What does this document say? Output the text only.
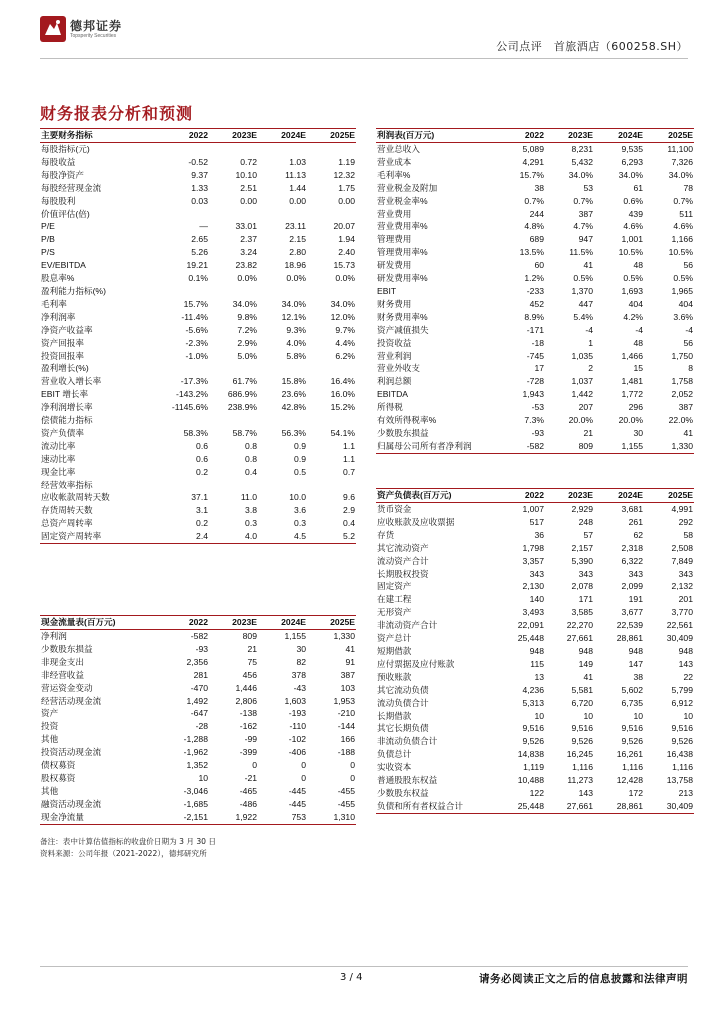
德邦证券
Topsperity Securities
公司点评　首旅酒店（600258.SH）
财务报表分析和预测
主要财务指标	2022	2023E	2024E	2025E
每股指标(元)				
每股收益	-0.52	0.72	1.03	1.19
每股净资产	9.37	10.10	11.13	12.32
每股经营现金流	1.33	2.51	1.44	1.75
每股股利	0.03	0.00	0.00	0.00
价值评估(倍)				
P/E	—	33.01	23.11	20.07
P/B	2.65	2.37	2.15	1.94
P/S	5.26	3.24	2.80	2.40
EV/EBITDA	19.21	23.82	18.96	15.73
股息率%	0.1%	0.0%	0.0%	0.0%
盈利能力指标(%)				
毛利率	15.7%	34.0%	34.0%	34.0%
净利润率	-11.4%	9.8%	12.1%	12.0%
净资产收益率	-5.6%	7.2%	9.3%	9.7%
资产回报率	-2.3%	2.9%	4.0%	4.4%
投资回报率	-1.0%	5.0%	5.8%	6.2%
盈利增长(%)				
营业收入增长率	-17.3%	61.7%	15.8%	16.4%
EBIT 增长率	-143.2%	686.9%	23.6%	16.0%
净利润增长率	-1145.6%	238.9%	42.8%	15.2%
偿债能力指标				
资产负债率	58.3%	58.7%	56.3%	54.1%
流动比率	0.6	0.8	0.9	1.1
速动比率	0.6	0.8	0.9	1.1
现金比率	0.2	0.4	0.5	0.7
经营效率指标				
应收帐款周转天数	37.1	11.0	10.0	9.6
存货周转天数	3.1	3.8	3.6	2.9
总资产周转率	0.2	0.3	0.3	0.4
固定资产周转率	2.4	4.0	4.5	5.2
利润表(百万元)	2022	2023E	2024E	2025E
营业总收入	5,089	8,231	9,535	11,100
营业成本	4,291	5,432	6,293	7,326
毛利率%	15.7%	34.0%	34.0%	34.0%
营业税金及附加	38	53	61	78
营业税金率%	0.7%	0.7%	0.6%	0.7%
营业费用	244	387	439	511
营业费用率%	4.8%	4.7%	4.6%	4.6%
管理费用	689	947	1,001	1,166
管理费用率%	13.5%	11.5%	10.5%	10.5%
研发费用	60	41	48	56
研发费用率%	1.2%	0.5%	0.5%	0.5%
EBIT	-233	1,370	1,693	1,965
财务费用	452	447	404	404
财务费用率%	8.9%	5.4%	4.2%	3.6%
资产减值损失	-171	-4	-4	-4
投资收益	-18	1	48	56
营业利润	-745	1,035	1,466	1,750
营业外收支	17	2	15	8
利润总额	-728	1,037	1,481	1,758
EBITDA	1,943	1,442	1,772	2,052
所得税	-53	207	296	387
有效所得税率%	7.3%	20.0%	20.0%	22.0%
少数股东损益	-93	21	30	41
归属母公司所有者净利润	-582	809	1,155	1,330
资产负债表(百万元)	2022	2023E	2024E	2025E
货币资金	1,007	2,929	3,681	4,991
应收账款及应收票据	517	248	261	292
存货	36	57	62	58
其它流动资产	1,798	2,157	2,318	2,508
流动资产合计	3,357	5,390	6,322	7,849
长期股权投资	343	343	343	343
固定资产	2,130	2,078	2,099	2,132
在建工程	140	171	191	201
无形资产	3,493	3,585	3,677	3,770
非流动资产合计	22,091	22,270	22,539	22,561
资产总计	25,448	27,661	28,861	30,409
短期借款	948	948	948	948
应付票据及应付账款	115	149	147	143
预收账款	13	41	38	22
其它流动负债	4,236	5,581	5,602	5,799
流动负债合计	5,313	6,720	6,735	6,912
长期借款	10	10	10	10
其它长期负债	9,516	9,516	9,516	9,516
非流动负债合计	9,526	9,526	9,526	9,526
负债总计	14,838	16,245	16,261	16,438
实收资本	1,119	1,116	1,116	1,116
普通股股东权益	10,488	11,273	12,428	13,758
少数股东权益	122	143	172	213
负债和所有者权益合计	25,448	27,661	28,861	30,409
现金流量表(百万元)	2022	2023E	2024E	2025E
净利润	-582	809	1,155	1,330
少数股东损益	-93	21	30	41
非现金支出	2,356	75	82	91
非经营收益	281	456	378	387
营运资金变动	-470	1,446	-43	103
经营活动现金流	1,492	2,806	1,603	1,953
资产	-647	-138	-193	-210
投资	-28	-162	-110	-144
其他	-1,288	-99	-102	166
投资活动现金流	-1,962	-399	-406	-188
债权募资	1,352	0	0	0
股权募资	10	-21	0	0
其他	-3,046	-465	-445	-455
融资活动现金流	-1,685	-486	-445	-455
现金净流量	-2,151	1,922	753	1,310
备注：表中计算估值指标的收盘价日期为 3 月 30 日
资料来源：公司年报（2021-2022），德邦研究所
3 / 4	请务必阅读正文之后的信息披露和法律声明
